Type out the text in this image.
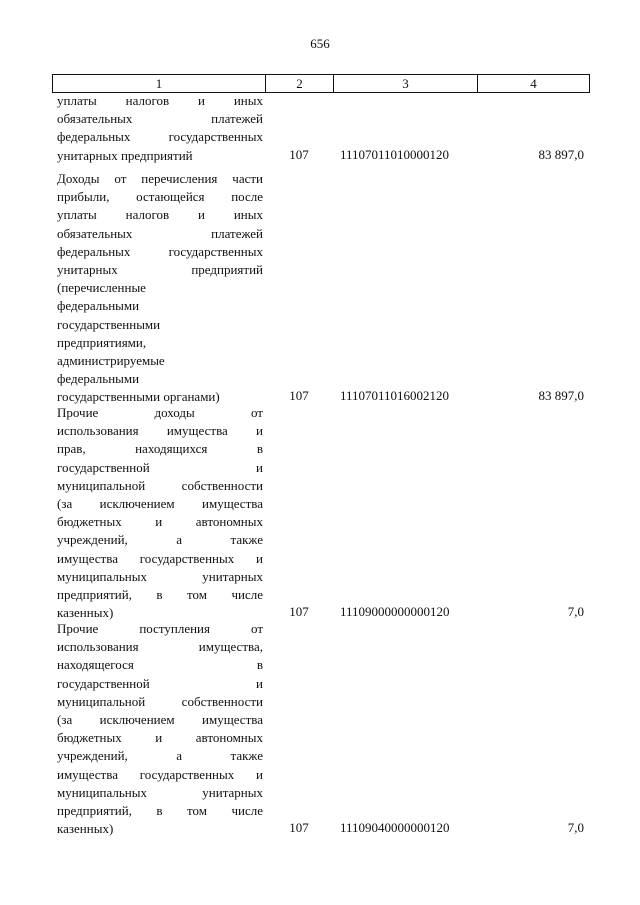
656
1	2	3	4
уплаты налогов и иных
обязательных платежей
федеральных государственных
унитарных предприятий	107 11107011010000120	83 897,0
Доходы от перечисления части
прибыли, остающейся после
уплаты налогов и иных
обязательных платежей
федеральных государственных
унитарных предприятий
(перечисленные
федеральными
государственными
предприятиями,
администрируемые
федеральными
государственными органами)	107 11107011016002120	83 897,0
Прочие доходы от
использования имущества и
прав, находящихся в
государственной и
муниципальной собственности
(за исключением имущества
бюджетных и автономных
учреждений, а также
имущества государственных и
муниципальных унитарных
предприятий, в том числе
казенных)	107 11109000000000120	7,0
Прочие поступления от
использования имущества,
находящегося в
государственной и
муниципальной собственности
(за исключением имущества
бюджетных и автономных
учреждений, а также
имущества государственных и
муниципальных унитарных
предприятий, в том числе
казенных)	107 11109040000000120	7,0
